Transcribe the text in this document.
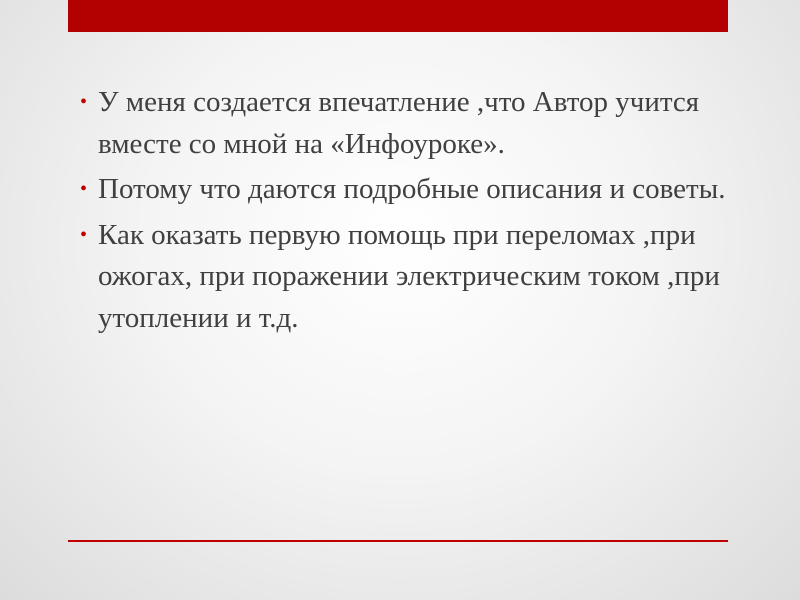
• У меня создается впечатление ,что Автор учится вместе со мной на «Инфоуроке».
• Потому что даются подробные описания и советы.
• Как оказать первую помощь при переломах ,при ожогах, при поражении электрическим током ,при утоплении и т.д.
